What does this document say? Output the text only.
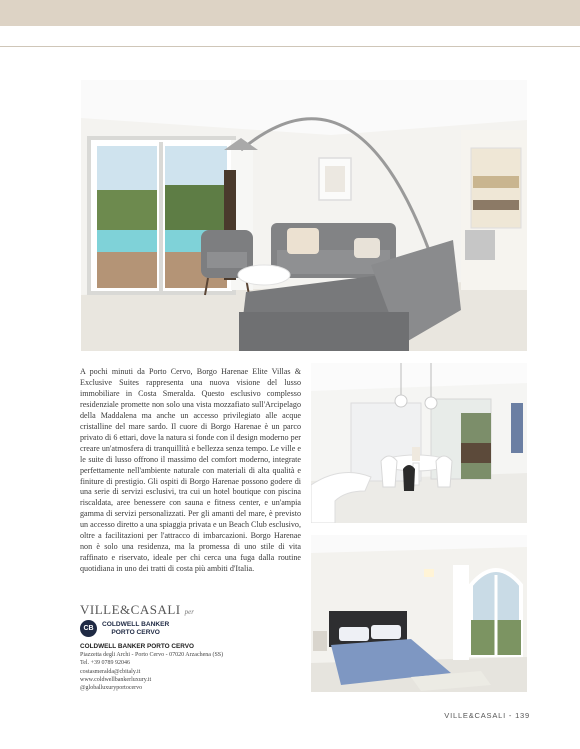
A pochi minuti da Porto Cervo, Borgo Harenae Elite Villas & Exclusive Suites rappresenta una nuova visione del lusso immobiliare in Costa Smeralda. Questo esclusivo complesso residenziale promette non solo una vista mozzafiato sull'Arcipelago della Maddalena ma anche un accesso privilegiato alle acque cristalline del mare sardo. Il cuore di Borgo Harenae è un parco privato di 6 ettari, dove la natura si fonde con il design moderno per creare un'atmosfera di tranquillità e bellezza senza tempo. Le ville e le suite di lusso offrono il massimo del comfort moderno, integrate perfettamente nell'ambiente naturale con materiali di alta qualità e finiture di prestigio. Gli ospiti di Borgo Harenae possono godere di una serie di servizi esclusivi, tra cui un hotel boutique con piscina riscaldata, aree benessere con sauna e fitness center, e un'ampia gamma di servizi personalizzati. Per gli amanti del mare, è previsto un accesso diretto a una spiaggia privata e un Beach Club esclusivo, oltre a facilitazioni per l'attracco di imbarcazioni. Borgo Harenae non è solo una residenza, ma la promessa di uno stile di vita raffinato e riservato, ideale per chi cerca una fuga dalla routine quotidiana in uno dei tratti di costa più ambiti d'Italia.

VILLE&CASALI per
CB
COLDWELL BANKER
PORTO CERVO
COLDWELL BANKER PORTO CERVO
Piazzetta degli Archi - Porto Cervo - 07020 Arzachena (SS)
Tel. +39 0789 92046
costasmeralda@cbitaly.it
www.coldwellbankerluxury.it
@globalluxuryportocervo
VILLE&CASALI - 139
